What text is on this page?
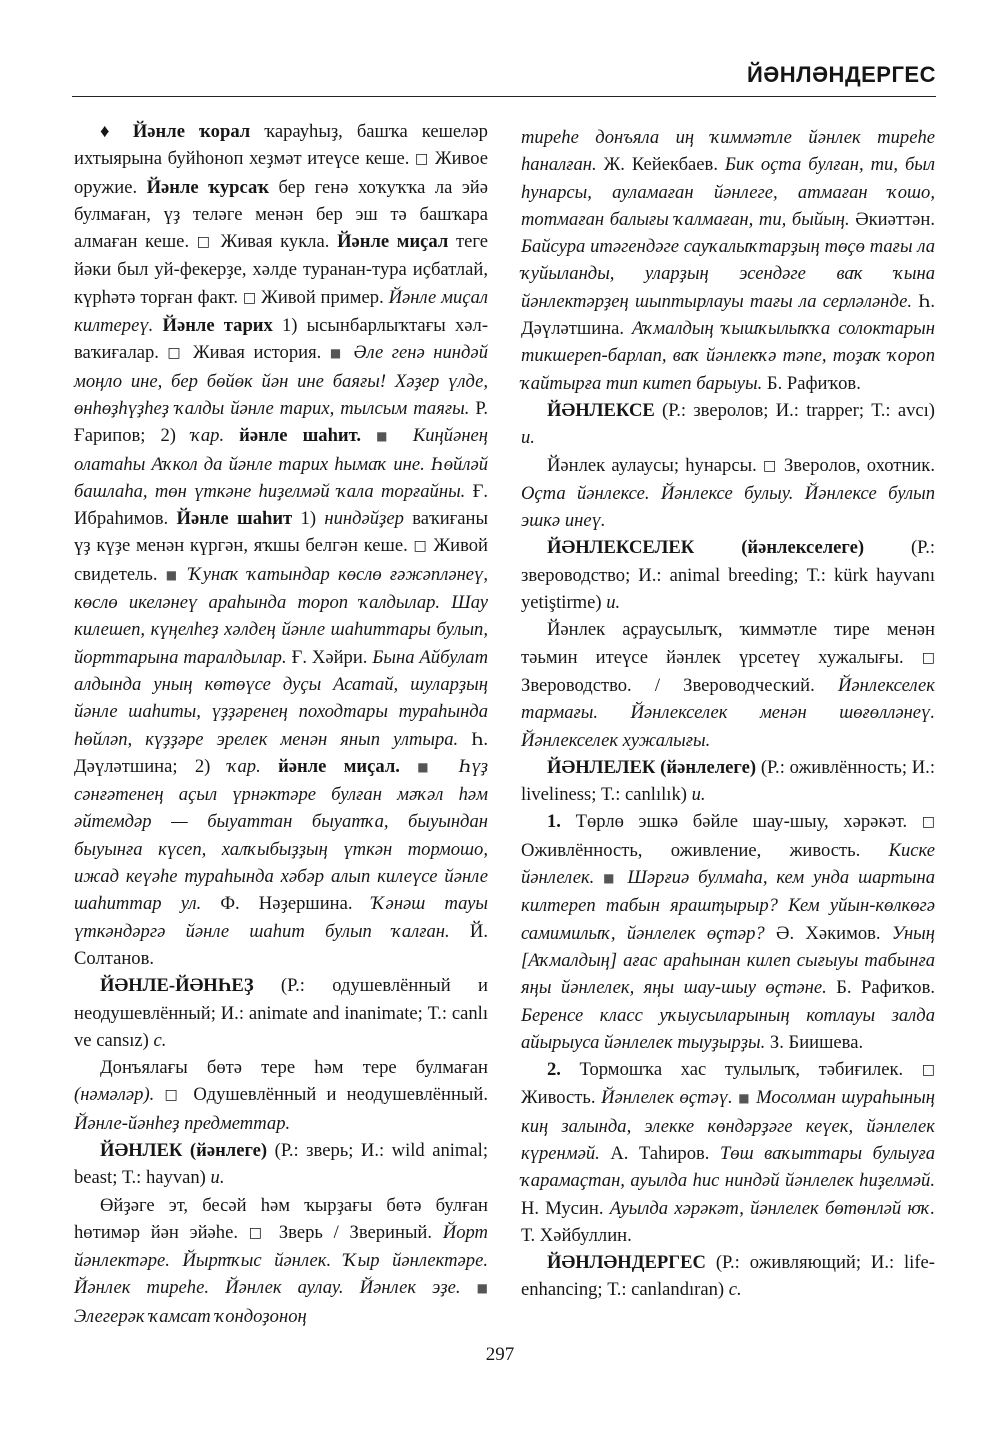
ЙӘНЛӘНДЕРГЕС

♦ Йәнле ҡорал ҡарауһыҙ, башҡа кешеләр ихтыярына буйһоноп хеҙмәт итеүсе кеше. □ Живое оружие. Йәнле ҡурсаҡ бер генә хоҡуҡҡа ла эйә булмаған, үҙ теләге менән бер эш тә башҡара алмаған кеше. □ Живая кукла. Йәнле миҫал теге йәки был уй-фекерҙе, хәлде туранан-тура иҫбатлай, күрһәтә торған факт. □ Живой пример. Йәнле миҫал килтереү. Йәнле тарих 1) ысынбарлыҡтағы хәл-ваҡиғалар. □ Живая история. ■ Әле генә ниндәй моңло ине, бер бөйөк йән ине баяғы! Хәҙер үлде, өнһөҙһүҙһеҙ ҡалды йәнле тарих, тылсым таяғы. Р. Ғарипов; 2) ҡар. йәнле шаһит. ■ Киңйәнең олатаһы Аҡкол да йәнле тарих һымаҡ ине. Һөйләй башлаһа, төн үткәне һиҙелмәй ҡала торғайны. Ғ. Ибраһимов. Йәнле шаһит 1) ниндәйҙер ваҡиғаны үҙ күҙе менән күргән, яҡшы белгән кеше. □ Живой свидетель. ■ Ҡунаҡ ҡатындар көслө ғәжәпләнеү, көслө икеләнеү араһында тороп ҡалдылар. Шау килешеп, күңелһеҙ хәлдең йәнле шаһиттары булып, йорттарына таралдылар. Ғ. Хәйри. Бына Айбулат алдында уның көтөүсе дуҫы Асатай, шуларҙың йәнле шаһиты, үҙҙәренең походтары тураһында һөйләп, күҙҙәре эрелек менән янып ултыра. Һ. Дәүләтшина; 2) ҡар. йәнле миҫал. ■ Һүҙ сәнғәтенең аҫыл үрнәктәре булған мәҡәл һәм әйтемдәр — быуаттан быуатҡа, быуындан быуынға күсеп, халҡыбыҙҙың үткән тормошо, ижад кеүәһе тураһында хәбәр алып килеүсе йәнле шаһиттар ул. Ф. Нәҙершина. Ҡәнәш тауы үткәндәргә йәнле шаһит булып ҡалған. Й. Солтанов.

ЙӘНЛЕ-ЙӘНҺЕҘ (Р.: одушевлённый и неодушевлённый; И.: animate and inanimate; Т.: canlı ve cansız) с.

Донъялағы бөтә тере һәм тере булмаған (нәмәләр). □ Одушевлённый и неодушевлённый. Йәнле-йәнһеҙ предметтар.

ЙӘНЛЕК (йәнлеге) (Р.: зверь; И.: wild animal; beast; Т.: hayvan) и.

Өйҙәге эт, бесәй һәм ҡырҙағы бөтә булған һөтимәр йән эйәһе. □ Зверь / Звериный. Йорт йәнлектәре. Йыртҡыс йәнлек. Ҡыр йәнлектәре. Йәнлек тиреһе. Йәнлек аулау. Йәнлек эҙе. ■ Элегерәк ҡамсат ҡондоҙоноң

тиреһе донъяла иң ҡиммәтле йәнлек тиреһе һаналған. Ж. Кейекбаев. Бик оҫта булған, ти, был һунарсы, ауламаған йәнлеге, атмаған ҡошо, тотмаған балығы ҡалмаған, ти, быйың. Әкиәттән. Байсура итәгендәге сауҡалыҡтарҙың төҫө тағы ла ҡуйыланды, уларҙың эсендәге ваҡ ҡына йәнлектәрҙең шыптырлауы тағы ла серләләнде. Һ. Дәүләтшина. Аҡмалдың ҡышҡылыҡҡа солоктарын тикшереп-барлап, ваҡ йәнлекҡә тәпе, тоҙаҡ ҡороп ҡайтырға тип китеп барыуы. Б. Рафиҡов.

ЙӘНЛЕКСЕ (Р.: зверолов; И.: trapper; Т.: avcı) и.

Йәнлек аулаусы; һунарсы. □ Зверолов, охотник. Оҫта йәнлексе. Йәнлексе булыу. Йәнлексе булып эшкә инеү.

ЙӘНЛЕКСЕЛЕК (йәнлекселеге) (Р.: звероводство; И.: animal breeding; Т.: kürk hayvanı yetiştirme) и.

Йәнлек аҫраусылыҡ, ҡиммәтле тире менән тәьмин итеүсе йәнлек үрсетеү хужалығы. □ Звероводство. / Звероводческий. Йәнлекселек тармағы. Йәнлекселек менән шөғөлләнеү. Йәнлекселек хужалығы.

ЙӘНЛЕЛЕК (йәнлелеге) (Р.: оживлённость; И.: liveliness; Т.: canlılık) и.

1. Төрлө эшкә бәйле шау-шыу, хәрәкәт. □ Оживлённость, оживление, живость. Киске йәнлелек. ■ Шәрғиә булмаһа, кем унда шартына килтереп табын ярашҭырыр? Кем уйын-көлкөгә самимилыҡ, йәнлелек өҫтәр? Ә. Хәкимов. Уның [Аҡмалдың] ағас араһынан килеп сығыуы табынға яңы йәнлелек, яңы шау-шыу өҫтәне. Б. Рафиҡов. Беренсе класс уҡыусыларының котлауы залда айырыуса йәнлелек тыуҙырҙы. З. Биишева.

2. Тормошҡа хас тулылыҡ, тәбиғилек. □ Живость. Йәнлелек өҫтәү. ■ Мосолман шураһының киң залында, элекке көндәрҙәге кеүек, йәнлелек күренмәй. А. Таһиров. Төш ваҡыттары булыуға ҡарамаҫтан, ауылда һис ниндәй йәнлелек һиҙелмәй. Н. Мусин. Ауылда хәрәкәт, йәнлелек бөтөнләй юҡ. Т. Хәйбуллин.

ЙӘНЛӘНДЕРГЕС (Р.: оживляющий; И.: life-enhancing; Т.: canlandıran) с.

297
